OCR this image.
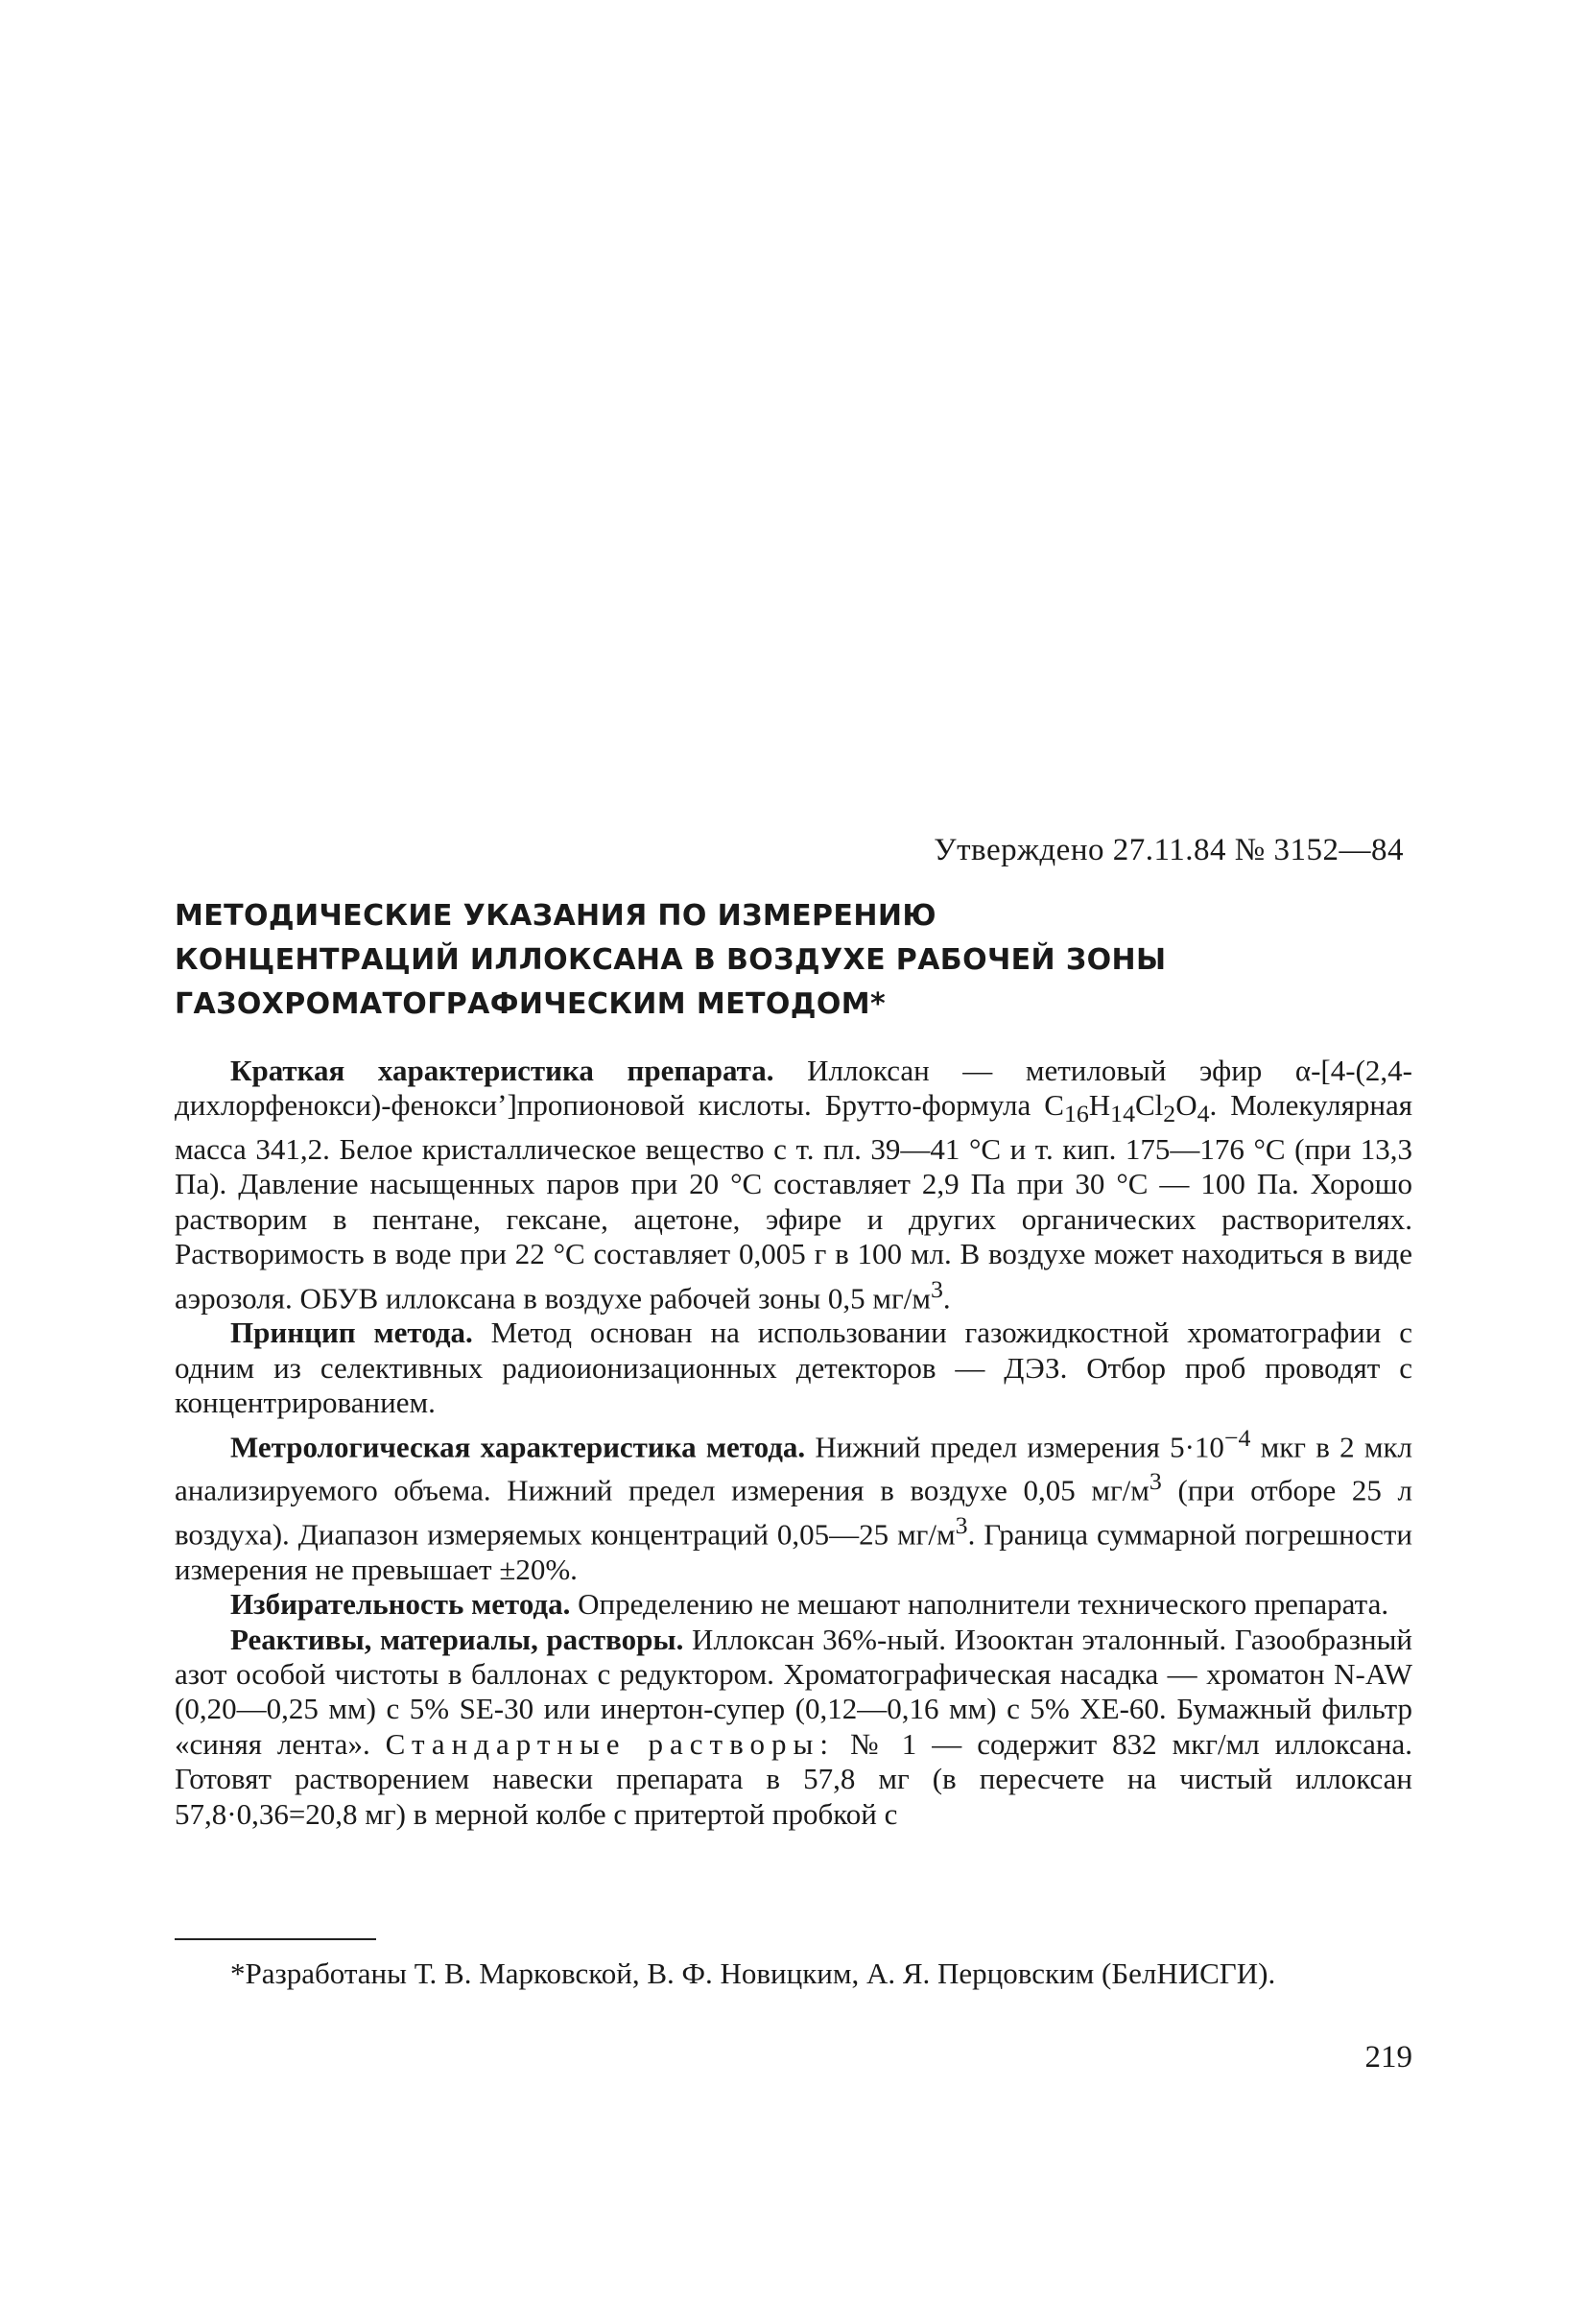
Утверждено 27.11.84 № 3152—84
МЕТОДИЧЕСКИЕ УКАЗАНИЯ ПО ИЗМЕРЕНИЮ
КОНЦЕНТРАЦИЙ ИЛЛОКСАНА В ВОЗДУХЕ РАБОЧЕЙ ЗОНЫ
ГАЗОХРОМАТОГРАФИЧЕСКИМ МЕТОДОМ*

Краткая характеристика препарата. Иллоксан — метиловый эфир α-[4-(2,4-дихлорфенокси)-феноксиʼ]пропионовой кислоты. Брутто-формула $C_{16}H_{14}Cl_2O_4$. Молекулярная масса 341,2. Белое кристаллическое вещество с т. пл. 39—41 °С и т. кип. 175—176 °С (при 13,3 Па). Давление насыщенных паров при 20 °С составляет 2,9 Па при 30 °С — 100 Па. Хорошо растворим в пентане, гексане, ацетоне, эфире и других органических растворителях. Растворимость в воде при 22 °С составляет 0,005 г в 100 мл. В воздухе может находиться в виде аэрозоля. ОБУВ иллоксана в воздухе рабочей зоны 0,5 $мг/м^3$.

Принцип метода. Метод основан на использовании газожидкостной хроматографии с одним из селективных радиоионизационных детекторов — ДЭЗ. Отбор проб проводят с концентрированием.

Метрологическая характеристика метода. Нижний предел измерения $5\cdot 10^{-4}$ мкг в 2 мкл анализируемого объема. Нижний предел измерения в воздухе 0,05 $мг/м^3$ (при отборе 25 л воздуха). Диапазон измеряемых концентраций 0,05—25 $мг/м^3$. Граница суммарной погрешности измерения не превышает ±20%.

Избирательность метода. Определению не мешают наполнители технического препарата.

Реактивы, материалы, растворы. Иллоксан 36%-ный. Изооктан эталонный. Газообразный азот особой чистоты в баллонах с редуктором. Хроматографическая насадка — хроматон N-AW (0,20—0,25 мм) с 5% SE-30 или инертон-супер (0,12—0,16 мм) с 5% XE-60. Бумажный фильтр «синяя лента». Стандартные растворы: № 1 — содержит 832 мкг/мл иллоксана. Готовят растворением навески препарата в 57,8 мг (в пересчете на чистый иллоксан 57,8·0,36=20,8 мг) в мерной колбе с притертой пробкой с

*Разработаны Т. В. Марковской, В. Ф. Новицким, А. Я. Перцовским (БелНИСГИ).
219
